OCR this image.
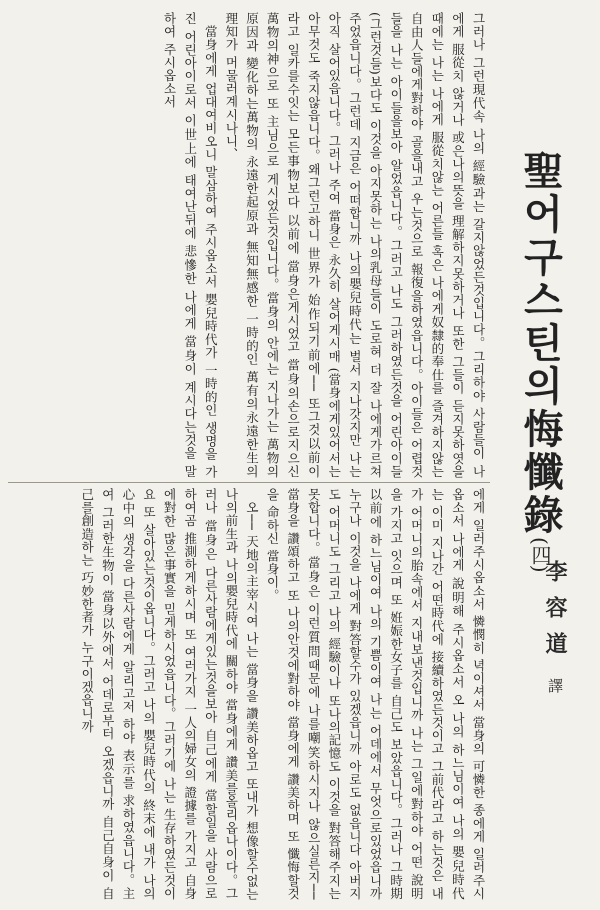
그러나 그런現代속 나의 經驗과는 갈지않었든것입니다。그리하야 사람들이 나에게 服從치 않거나 或은나의뜻을 理解하지못하거나 또한 그들이 듣지못하엿을때에는 나는 나에게 服從치않는 어른들 혹은 나에게奴隸的奉仕를 즐겨하지않는 自由人들에게對하야 골을내고 우는것으로 報復을하였읍니다。아이들은 어렵것들을 나는 아이들을보아 알었읍니다。그러고 나도 그러하였든것을 어린아이들(그런것들)보다도 이것을 아지못하는 나의乳母들이 도로혀 더 잘 나에게가르쳐 주었읍니다。그런데 지금은 어떠합니까 나의嬰兒時代는 벌서 지나갓지만 나는 아직 살어있읍니다。그러나 주여 當身은 永久히 살어게시매 (當身에게있어서는 아무것도 죽지않읍니다。왜그런고하니 世界가 始作되기前에── 또그것以前이라고 일카를수잇는 모든事物보다 以前에 當身은게시었고 當身의손으로지으신 萬物의神으로 또 主님으로 게시었든것입니다。當身의 안에는 지나가는 萬物의原因과 變化하는萬物의 永遠한起原과 無知無感한 一時的인 萬有의永遠한生의理知가 머물러계시나니、

當身에게 업대여비오니 말삼하여 주시옵소서 嬰兒時代가 一時的인 생명을 가진 어린아이로서 이世上에 태여난뒤에 悲慘한 나에게 當身이 계시다는것을 말하여 주시옵소서

에게 일러주시옵소서 憐憫히 녁이셔서 當身의 可憐한 종에게 일러주시옵소서 나에게 說明해 주시옵소서 오 나의 하느님이여 나의 嬰兒時代는 이미 지나간 어떤時代에 接續하였든것이고 그前代라고 하는것은 내가 어머니의胎속에서 지내보낸것입니까 나는 그일에對하야 어떤 說明을 가지고 잇으며 또 姙娠한女子를 自己도 보았읍니다。그러나 그時期以前에 하느님이여 나의 기쁨이여 나는 어데에서 무엇으로있었읍니까 누구나 이것을 나에게 對答할수가 있겠읍니까 아로도 없읍니다 아버지도 어머니도 그리고 나의 經驗이나 또나의記憶도 이것을 對答해주지는 못합니다。當身은 이런質問때문에 나를嘲笑하시지나 않으실른지── 當身을 讚頌하고 또 나의안것에對하야 當身에게 讚美하며 또 懺悔할것을 命하신 當身이。

오── 天地의主宰시여 나는 當身을 讚美하옵고 또내가 想像할수없는 나의前生과 나의嬰兒時代에 關하야 當身에게 讚美를올리옵나이다。그러나 當身은 다른사람에게있는것을보아 自己에게 當할일을 사람으로하여곰 推測하게하시며 또 여러가지 一人의婦女의 證據를 가지고 自身에對한 많은事實을 믿게하시었읍니다。그러기에 나는 生存하였든것이요 또 살아있는것이옵니다。그러고 나의 嬰兒時代의 終末에 내가 나의心中의 생각을 다른사람에게 알리고저 하야 表示를 求하였읍니다。主여 그러한生物이 當身以外에서 어데로부터 오겠읍니까 自己自身이 自己를創造하는 巧妙한者가 누구이겠읍니까

聖어구스틴의悔懺錄(四)
李容道譯
